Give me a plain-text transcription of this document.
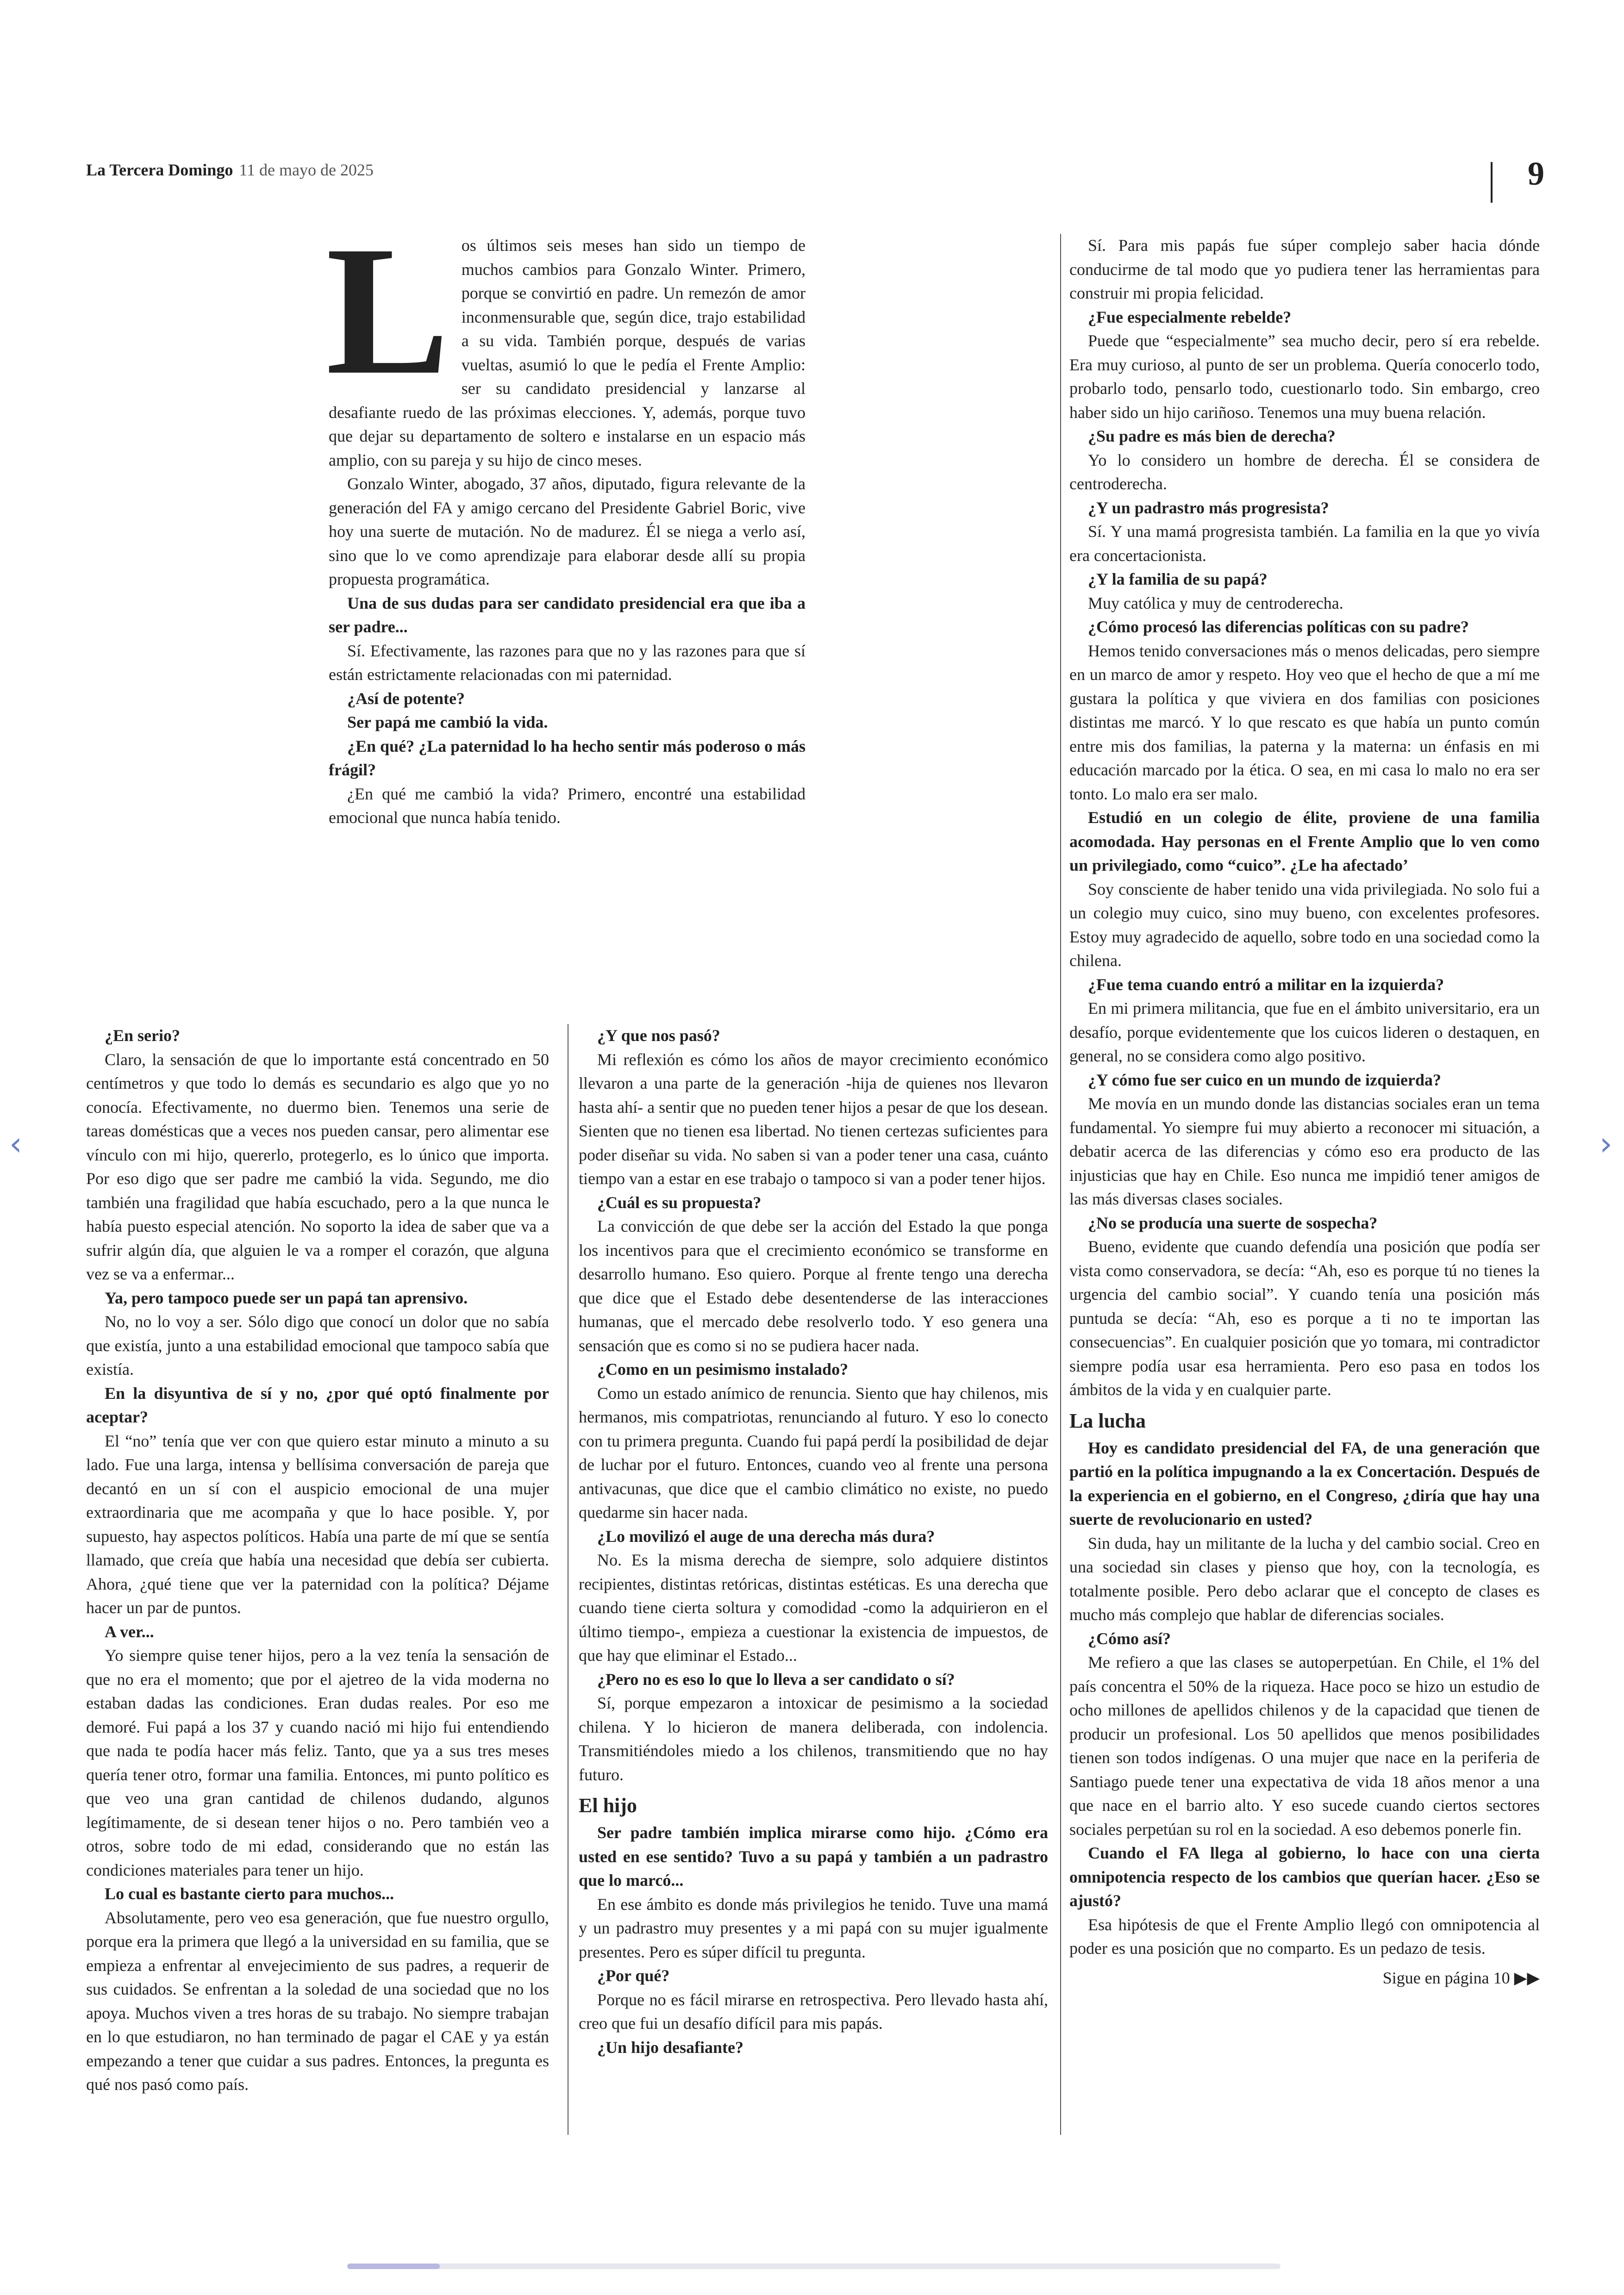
La Tercera Domingo 11 de mayo de 2025	9
L os últimos seis meses han sido un tiempo de muchos cambios para Gonzalo Winter. Primero, porque se convirtió en padre. Un remezón de amor inconmensurable que, según dice, trajo estabilidad a su vida. También porque, después de varias vueltas, asumió lo que le pedía el Frente Amplio: ser su candidato presidencial y lanzarse al desafiante ruedo de las próximas elecciones. Y, además, porque tuvo que dejar su departamento de soltero e instalarse en un espacio más amplio, con su pareja y su hijo de cinco meses.

Gonzalo Winter, abogado, 37 años, diputado, figura relevante de la generación del FA y amigo cercano del Presidente Gabriel Boric, vive hoy una suerte de mutación. No de madurez. Él se niega a verlo así, sino que lo ve como aprendizaje para elaborar desde allí su propia propuesta programática.

Una de sus dudas para ser candidato presidencial era que iba a ser padre...

Sí. Efectivamente, las razones para que no y las razones para que sí están estrictamente relacionadas con mi paternidad.

¿Así de potente?

Ser papá me cambió la vida.

¿En qué? ¿La paternidad lo ha hecho sentir más poderoso o más frágil?

¿En qué me cambió la vida? Primero, encontré una estabilidad emocional que nunca había tenido.

¿En serio?

Claro, la sensación de que lo importante está concentrado en 50 centímetros y que todo lo demás es secundario es algo que yo no conocía. Efectivamente, no duermo bien. Tenemos una serie de tareas domésticas que a veces nos pueden cansar, pero alimentar ese vínculo con mi hijo, quererlo, protegerlo, es lo único que importa. Por eso digo que ser padre me cambió la vida. Segundo, me dio también una fragilidad que había escuchado, pero a la que nunca le había puesto especial atención. No soporto la idea de saber que va a sufrir algún día, que alguien le va a romper el corazón, que alguna vez se va a enfermar...

Ya, pero tampoco puede ser un papá tan aprensivo.

No, no lo voy a ser. Sólo digo que conocí un dolor que no sabía que existía, junto a una estabilidad emocional que tampoco sabía que existía.

En la disyuntiva de sí y no, ¿por qué optó finalmente por aceptar?

El “no” tenía que ver con que quiero estar minuto a minuto a su lado. Fue una larga, intensa y bellísima conversación de pareja que decantó en un sí con el auspicio emocional de una mujer extraordinaria que me acompaña y que lo hace posible. Y, por supuesto, hay aspectos políticos. Había una parte de mí que se sentía llamado, que creía que había una necesidad que debía ser cubierta. Ahora, ¿qué tiene que ver la paternidad con la política? Déjame hacer un par de puntos.

A ver...

Yo siempre quise tener hijos, pero a la vez tenía la sensación de que no era el momento; que por el ajetreo de la vida moderna no estaban dadas las condiciones. Eran dudas reales. Por eso me demoré. Fui papá a los 37 y cuando nació mi hijo fui entendiendo que nada te podía hacer más feliz. Tanto, que ya a sus tres meses quería tener otro, formar una familia. Entonces, mi punto político es que veo una gran cantidad de chilenos dudando, algunos legítimamente, de si desean tener hijos o no. Pero también veo a otros, sobre todo de mi edad, considerando que no están las condiciones materiales para tener un hijo.

Lo cual es bastante cierto para muchos...

Absolutamente, pero veo esa generación, que fue nuestro orgullo, porque era la primera que llegó a la universidad en su familia, que se empieza a enfrentar al envejecimiento de sus padres, a requerir de sus cuidados. Se enfrentan a la soledad de una sociedad que no los apoya. Muchos viven a tres horas de su trabajo. No siempre trabajan en lo que estudiaron, no han terminado de pagar el CAE y ya están empezando a tener que cuidar a sus padres. Entonces, la pregunta es qué nos pasó como país.

¿Y que nos pasó?

Mi reflexión es cómo los años de mayor crecimiento económico llevaron a una parte de la generación -hija de quienes nos llevaron hasta ahí- a sentir que no pueden tener hijos a pesar de que los desean. Sienten que no tienen esa libertad. No tienen certezas suficientes para poder diseñar su vida. No saben si van a poder tener una casa, cuánto tiempo van a estar en ese trabajo o tampoco si van a poder tener hijos.

¿Cuál es su propuesta?

La convicción de que debe ser la acción del Estado la que ponga los incentivos para que el crecimiento económico se transforme en desarrollo humano. Eso quiero. Porque al frente tengo una derecha que dice que el Estado debe desentenderse de las interacciones humanas, que el mercado debe resolverlo todo. Y eso genera una sensación que es como si no se pudiera hacer nada.

¿Como en un pesimismo instalado?

Como un estado anímico de renuncia. Siento que hay chilenos, mis hermanos, mis compatriotas, renunciando al futuro. Y eso lo conecto con tu primera pregunta. Cuando fui papá perdí la posibilidad de dejar de luchar por el futuro. Entonces, cuando veo al frente una persona antivacunas, que dice que el cambio climático no existe, no puedo quedarme sin hacer nada.

¿Lo movilizó el auge de una derecha más dura?

No. Es la misma derecha de siempre, solo adquiere distintos recipientes, distintas retóricas, distintas estéticas. Es una derecha que cuando tiene cierta soltura y comodidad -como la adquirieron en el último tiempo-, empieza a cuestionar la existencia de impuestos, de que hay que eliminar el Estado...

¿Pero no es eso lo que lo lleva a ser candidato o sí?

Sí, porque empezaron a intoxicar de pesimismo a la sociedad chilena. Y lo hicieron de manera deliberada, con indolencia. Transmitiéndoles miedo a los chilenos, transmitiendo que no hay futuro.

El hijo

Ser padre también implica mirarse como hijo. ¿Cómo era usted en ese sentido? Tuvo a su papá y también a un padrastro que lo marcó...

En ese ámbito es donde más privilegios he tenido. Tuve una mamá y un padrastro muy presentes y a mi papá con su mujer igualmente presentes. Pero es súper difícil tu pregunta.

¿Por qué?

Porque no es fácil mirarse en retrospectiva. Pero llevado hasta ahí, creo que fui un desafío difícil para mis papás.

¿Un hijo desafiante?

Sí. Para mis papás fue súper complejo saber hacia dónde conducirme de tal modo que yo pudiera tener las herramientas para construir mi propia felicidad.

¿Fue especialmente rebelde?

Puede que “especialmente” sea mucho decir, pero sí era rebelde. Era muy curioso, al punto de ser un problema. Quería conocerlo todo, probarlo todo, pensarlo todo, cuestionarlo todo. Sin embargo, creo haber sido un hijo cariñoso. Tenemos una muy buena relación.

¿Su padre es más bien de derecha?

Yo lo considero un hombre de derecha. Él se considera de centroderecha.

¿Y un padrastro más progresista?

Sí. Y una mamá progresista también. La familia en la que yo vivía era concertacionista.

¿Y la familia de su papá?

Muy católica y muy de centroderecha.

¿Cómo procesó las diferencias políticas con su padre?

Hemos tenido conversaciones más o menos delicadas, pero siempre en un marco de amor y respeto. Hoy veo que el hecho de que a mí me gustara la política y que viviera en dos familias con posiciones distintas me marcó. Y lo que rescato es que había un punto común entre mis dos familias, la paterna y la materna: un énfasis en mi educación marcado por la ética. O sea, en mi casa lo malo no era ser tonto. Lo malo era ser malo.

Estudió en un colegio de élite, proviene de una familia acomodada. Hay personas en el Frente Amplio que lo ven como un privilegiado, como “cuico”. ¿Le ha afectado’

Soy consciente de haber tenido una vida privilegiada. No solo fui a un colegio muy cuico, sino muy bueno, con excelentes profesores. Estoy muy agradecido de aquello, sobre todo en una sociedad como la chilena.

¿Fue tema cuando entró a militar en la izquierda?

En mi primera militancia, que fue en el ámbito universitario, era un desafío, porque evidentemente que los cuicos lideren o destaquen, en general, no se considera como algo positivo.

¿Y cómo fue ser cuico en un mundo de izquierda?

Me movía en un mundo donde las distancias sociales eran un tema fundamental. Yo siempre fui muy abierto a reconocer mi situación, a debatir acerca de las diferencias y cómo eso era producto de las injusticias que hay en Chile. Eso nunca me impidió tener amigos de las más diversas clases sociales.

¿No se producía una suerte de sospecha?

Bueno, evidente que cuando defendía una posición que podía ser vista como conservadora, se decía: “Ah, eso es porque tú no tienes la urgencia del cambio social”. Y cuando tenía una posición más puntuda se decía: “Ah, eso es porque a ti no te importan las consecuencias”. En cualquier posición que yo tomara, mi contradictor siempre podía usar esa herramienta. Pero eso pasa en todos los ámbitos de la vida y en cualquier parte.

La lucha

Hoy es candidato presidencial del FA, de una generación que partió en la política impugnando a la ex Concertación. Después de la experiencia en el gobierno, en el Congreso, ¿diría que hay una suerte de revolucionario en usted?

Sin duda, hay un militante de la lucha y del cambio social. Creo en una sociedad sin clases y pienso que hoy, con la tecnología, es totalmente posible. Pero debo aclarar que el concepto de clases es mucho más complejo que hablar de diferencias sociales.

¿Cómo así?

Me refiero a que las clases se autoperpetúan. En Chile, el 1% del país concentra el 50% de la riqueza. Hace poco se hizo un estudio de ocho millones de apellidos chilenos y de la capacidad que tienen de producir un profesional. Los 50 apellidos que menos posibilidades tienen son todos indígenas. O una mujer que nace en la periferia de Santiago puede tener una expectativa de vida 18 años menor a una que nace en el barrio alto. Y eso sucede cuando ciertos sectores sociales perpetúan su rol en la sociedad. A eso debemos ponerle fin.

Cuando el FA llega al gobierno, lo hace con una cierta omnipotencia respecto de los cambios que querían hacer. ¿Eso se ajustó?

Esa hipótesis de que el Frente Amplio llegó con omnipotencia al poder es una posición que no comparto. Es un pedazo de tesis.

Sigue en página 10 ▶▶

‹	›
